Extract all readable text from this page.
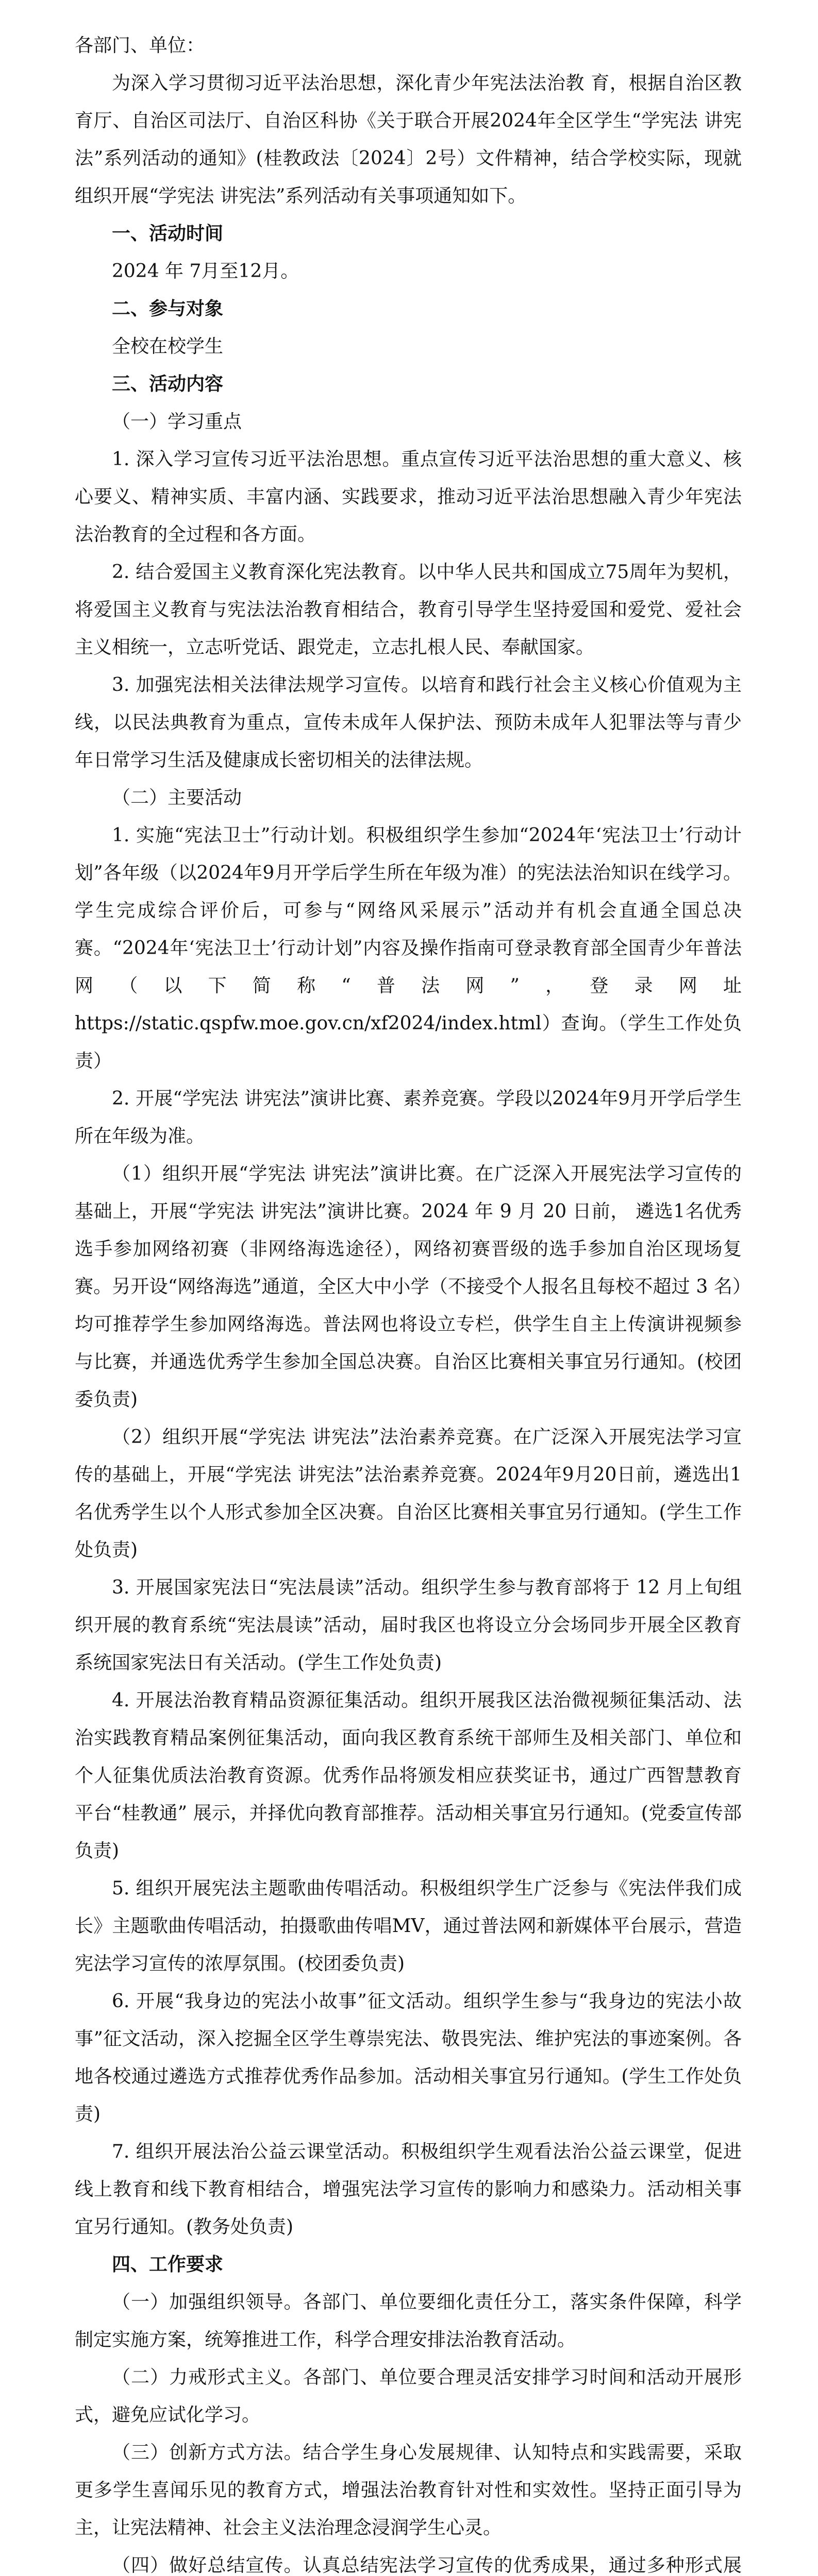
各部门、单位：

为深入学习贯彻习近平法治思想，深化青少年宪法法治教 育，根据自治区教育厅、自治区司法厅、自治区科协《关于联合开展2024年全区学生“学宪法 讲宪法”系列活动的通知》(桂教政法〔2024〕2号）文件精神，结合学校实际，现就组织开展“学宪法 讲宪法”系列活动有关事项通知如下。

一、活动时间

2024 年 7月至12月。

二、参与对象

全校在校学生

三、活动内容

（一）学习重点

1. 深入学习宣传习近平法治思想。重点宣传习近平法治思想的重大意义、核心要义、精神实质、丰富内涵、实践要求，推动习近平法治思想融入青少年宪法法治教育的全过程和各方面。

2. 结合爱国主义教育深化宪法教育。以中华人民共和国成立75周年为契机，将爱国主义教育与宪法法治教育相结合，教育引导学生坚持爱国和爱党、爱社会主义相统一，立志听党话、跟党走，立志扎根人民、奉献国家。

3. 加强宪法相关法律法规学习宣传。以培育和践行社会主义核心价值观为主线，以民法典教育为重点，宣传未成年人保护法、预防未成年人犯罪法等与青少年日常学习生活及健康成长密切相关的法律法规。

（二）主要活动

1. 实施“宪法卫士”行动计划。积极组织学生参加“2024年‘宪法卫士’行动计划”各年级（以2024年9月开学后学生所在年级为准）的宪法法治知识在线学习。学生完成综合评价后，可参与“网络风采展示”活动并有机会直通全国总决赛。“2024年‘宪法卫士’行动计划”内容及操作指南可登录教育部全国青少年普法网（以下简称“普法网”，登录网址 https://static.qspfw.moe.gov.cn/xf2024/index.html）查询。（学生工作处负责）

2. 开展“学宪法 讲宪法”演讲比赛、素养竞赛。学段以2024年9月开学后学生所在年级为准。

（1）组织开展“学宪法 讲宪法”演讲比赛。在广泛深入开展宪法学习宣传的基础上，开展“学宪法 讲宪法”演讲比赛。2024 年 9 月 20 日前， 遴选1名优秀选手参加网络初赛（非网络海选途径），网络初赛晋级的选手参加自治区现场复赛。另开设“网络海选”通道，全区大中小学（不接受个人报名且每校不超过 3 名）均可推荐学生参加网络海选。普法网也将设立专栏，供学生自主上传演讲视频参与比赛，并通选优秀学生参加全国总决赛。自治区比赛相关事宜另行通知。(校团委负责)

（2）组织开展“学宪法 讲宪法”法治素养竞赛。在广泛深入开展宪法学习宣传的基础上，开展“学宪法 讲宪法”法治素养竞赛。2024年9月20日前，遴选出1名优秀学生以个人形式参加全区决赛。自治区比赛相关事宜另行通知。(学生工作处负责)

3. 开展国家宪法日“宪法晨读”活动。组织学生参与教育部将于 12 月上旬组织开展的教育系统“宪法晨读”活动，届时我区也将设立分会场同步开展全区教育系统国家宪法日有关活动。(学生工作处负责)

4. 开展法治教育精品资源征集活动。组织开展我区法治微视频征集活动、法治实践教育精品案例征集活动，面向我区教育系统干部师生及相关部门、单位和个人征集优质法治教育资源。优秀作品将颁发相应获奖证书，通过广西智慧教育平台“桂教通” 展示，并择优向教育部推荐。活动相关事宜另行通知。(党委宣传部负责)

5. 组织开展宪法主题歌曲传唱活动。积极组织学生广泛参与《宪法伴我们成长》主题歌曲传唱活动，拍摄歌曲传唱MV，通过普法网和新媒体平台展示，营造宪法学习宣传的浓厚氛围。(校团委负责)

6. 开展“我身边的宪法小故事”征文活动。组织学生参与“我身边的宪法小故事”征文活动，深入挖掘全区学生尊崇宪法、敬畏宪法、维护宪法的事迹案例。各地各校通过遴选方式推荐优秀作品参加。活动相关事宜另行通知。(学生工作处负责)

7. 组织开展法治公益云课堂活动。积极组织学生观看法治公益云课堂，促进线上教育和线下教育相结合，增强宪法学习宣传的影响力和感染力。活动相关事宜另行通知。(教务处负责)

四、工作要求

（一）加强组织领导。各部门、单位要细化责任分工，落实条件保障，科学制定实施方案，统筹推进工作，科学合理安排法治教育活动。

（二）力戒形式主义。各部门、单位要合理灵活安排学习时间和活动开展形式，避免应试化学习。

（三）创新方式方法。结合学生身心发展规律、认知特点和实践需要，采取更多学生喜闻乐见的教育方式，增强法治教育针对性和实效性。坚持正面引导为主，让宪法精神、社会主义法治理念浸润学生心灵。

（四）做好总结宣传。认真总结宪法学习宣传的优秀成果，通过多种形式展
